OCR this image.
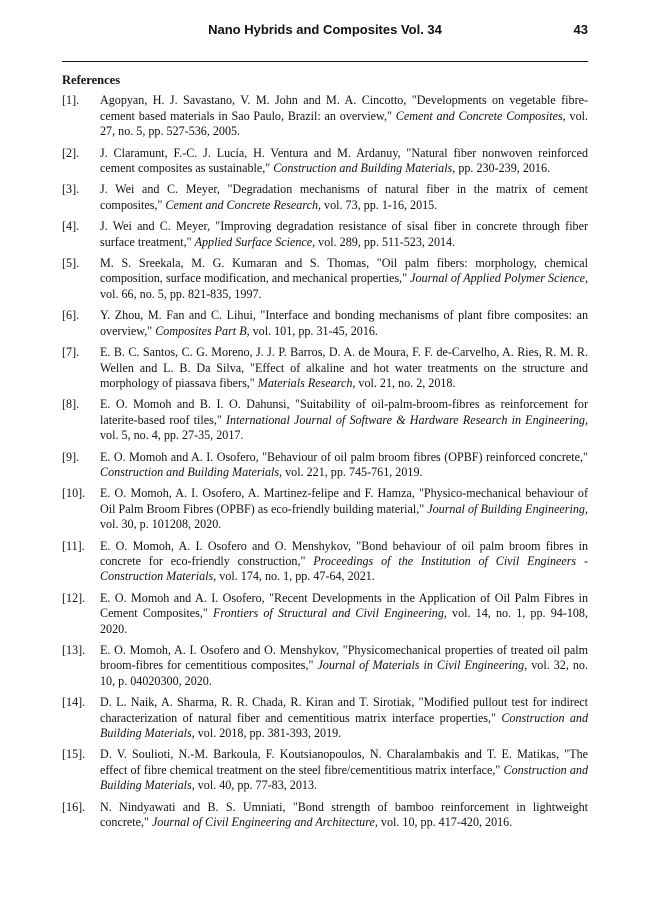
Nano Hybrids and Composites Vol. 34	43
References
[1].	Agopyan, H. J. Savastano, V. M. John and M. A. Cincotto, "Developments on vegetable fibre-cement based materials in Sao Paulo, Brazil: an overview," Cement and Concrete Composites, vol. 27, no. 5, pp. 527-536, 2005.
[2].	J. Claramunt, F.-C. J. Lucía, H. Ventura and M. Ardanuy, "Natural fiber nonwoven reinforced cement composites as sustainable," Construction and Building Materials, pp. 230-239, 2016.
[3].	J. Wei and C. Meyer, "Degradation mechanisms of natural fiber in the matrix of cement composites," Cement and Concrete Research, vol. 73, pp. 1-16, 2015.
[4].	J. Wei and C. Meyer, "Improving degradation resistance of sisal fiber in concrete through fiber surface treatment," Applied Surface Science, vol. 289, pp. 511-523, 2014.
[5].	M. S. Sreekala, M. G. Kumaran and S. Thomas, "Oil palm fibers: morphology, chemical composition, surface modification, and mechanical properties," Journal of Applied Polymer Science, vol. 66, no. 5, pp. 821-835, 1997.
[6].	Y. Zhou, M. Fan and C. Lihui, "Interface and bonding mechanisms of plant fibre composites: an overview," Composites Part B, vol. 101, pp. 31-45, 2016.
[7].	E. B. C. Santos, C. G. Moreno, J. J. P. Barros, D. A. de Moura, F. F. de-Carvelho, A. Ries, R. M. R. Wellen and L. B. Da Silva, "Effect of alkaline and hot water treatments on the structure and morphology of piassava fibers," Materials Research, vol. 21, no. 2, 2018.
[8].	E. O. Momoh and B. I. O. Dahunsi, "Suitability of oil-palm-broom-fibres as reinforcement for laterite-based roof tiles," International Journal of Software & Hardware Research in Engineering, vol. 5, no. 4, pp. 27-35, 2017.
[9].	E. O. Momoh and A. I. Osofero, "Behaviour of oil palm broom fibres (OPBF) reinforced concrete," Construction and Building Materials, vol. 221, pp. 745-761, 2019.
[10].	E. O. Momoh, A. I. Osofero, A. Martinez-felipe and F. Hamza, "Physico-mechanical behaviour of Oil Palm Broom Fibres (OPBF) as eco-friendly building material," Journal of Building Engineering, vol. 30, p. 101208, 2020.
[11].	E. O. Momoh, A. I. Osofero and O. Menshykov, "Bond behaviour of oil palm broom fibres in concrete for eco-friendly construction," Proceedings of the Institution of Civil Engineers - Construction Materials, vol. 174, no. 1, pp. 47-64, 2021.
[12].	E. O. Momoh and A. I. Osofero, "Recent Developments in the Application of Oil Palm Fibres in Cement Composites," Frontiers of Structural and Civil Engineering, vol. 14, no. 1, pp. 94-108, 2020.
[13].	E. O. Momoh, A. I. Osofero and O. Menshykov, "Physicomechanical properties of treated oil palm broom-fibres for cementitious composites," Journal of Materials in Civil Engineering, vol. 32, no. 10, p. 04020300, 2020.
[14].	D. L. Naik, A. Sharma, R. R. Chada, R. Kiran and T. Sirotiak, "Modified pullout test for indirect characterization of natural fiber and cementitious matrix interface properties," Construction and Building Materials, vol. 2018, pp. 381-393, 2019.
[15].	D. V. Soulioti, N.-M. Barkoula, F. Koutsianopoulos, N. Charalambakis and T. E. Matikas, "The effect of fibre chemical treatment on the steel fibre/cementitious matrix interface," Construction and Building Materials, vol. 40, pp. 77-83, 2013.
[16].	N. Nindyawati and B. S. Umniati, "Bond strength of bamboo reinforcement in lightweight concrete," Journal of Civil Engineering and Architecture, vol. 10, pp. 417-420, 2016.
